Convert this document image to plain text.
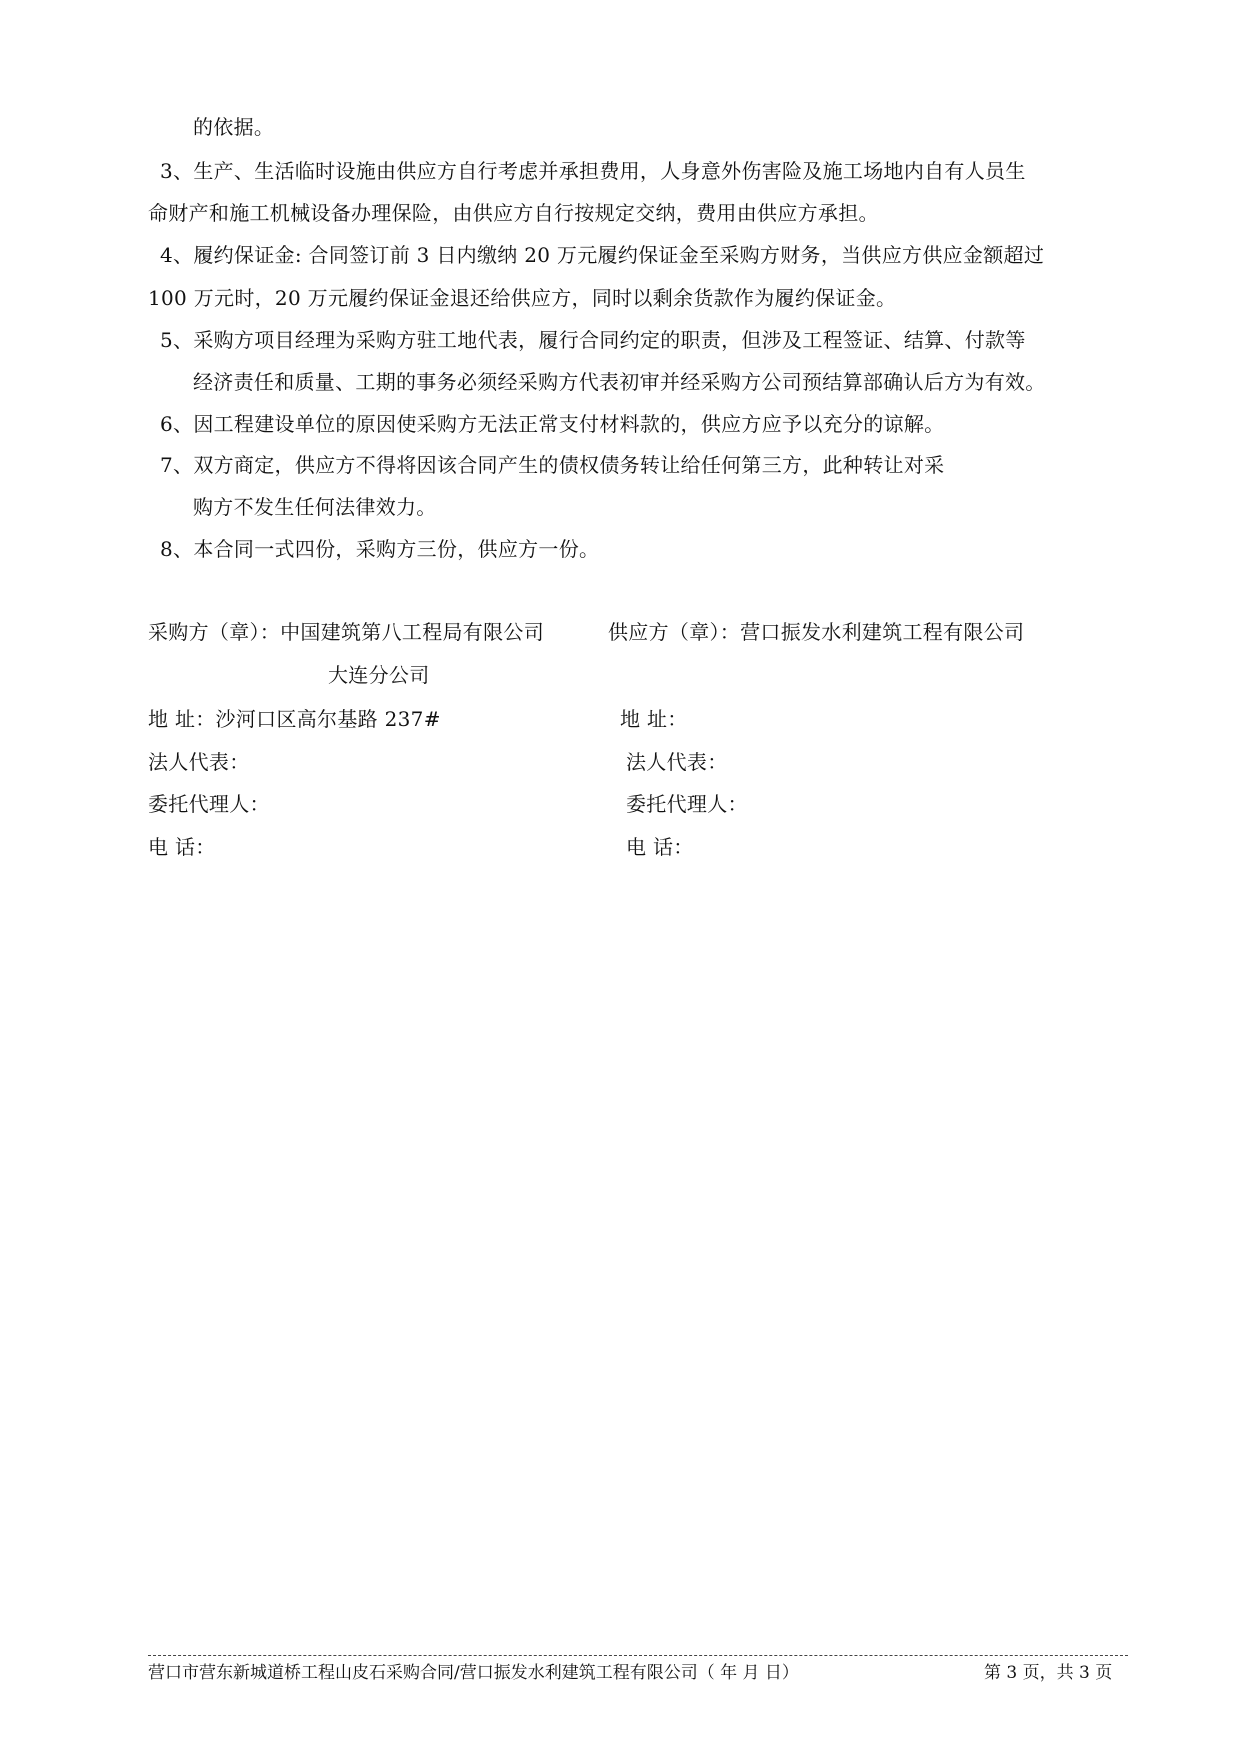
的依据。
3、生产、生活临时设施由供应方自行考虑并承担费用，人身意外伤害险及施工场地内自有人员生
命财产和施工机械设备办理保险，由供应方自行按规定交纳，费用由供应方承担。
4、履约保证金: 合同签订前 3 日内缴纳 20 万元履约保证金至采购方财务，当供应方供应金额超过
100 万元时，20 万元履约保证金退还给供应方，同时以剩余货款作为履约保证金。
5、采购方项目经理为采购方驻工地代表，履行合同约定的职责，但涉及工程签证、结算、付款等
经济责任和质量、工期的事务必须经采购方代表初审并经采购方公司预结算部确认后方为有效。
6、因工程建设单位的原因使采购方无法正常支付材料款的，供应方应予以充分的谅解。
7、双方商定，供应方不得将因该合同产生的债权债务转让给任何第三方，此种转让对采
购方不发生任何法律效力。
8、本合同一式四份，采购方三份，供应方一份。
采购方（章）：中国建筑第八工程局有限公司
大连分公司
地 址：沙河口区高尔基路 237#
法人代表：
委托代理人：
电 话：
供应方（章）：营口振发水利建筑工程有限公司
地 址：
法人代表：
委托代理人：
电 话：
营口市营东新城道桥工程山皮石采购合同/营口振发水利建筑工程有限公司（ 年 月 日）	第 3 页，共 3 页
